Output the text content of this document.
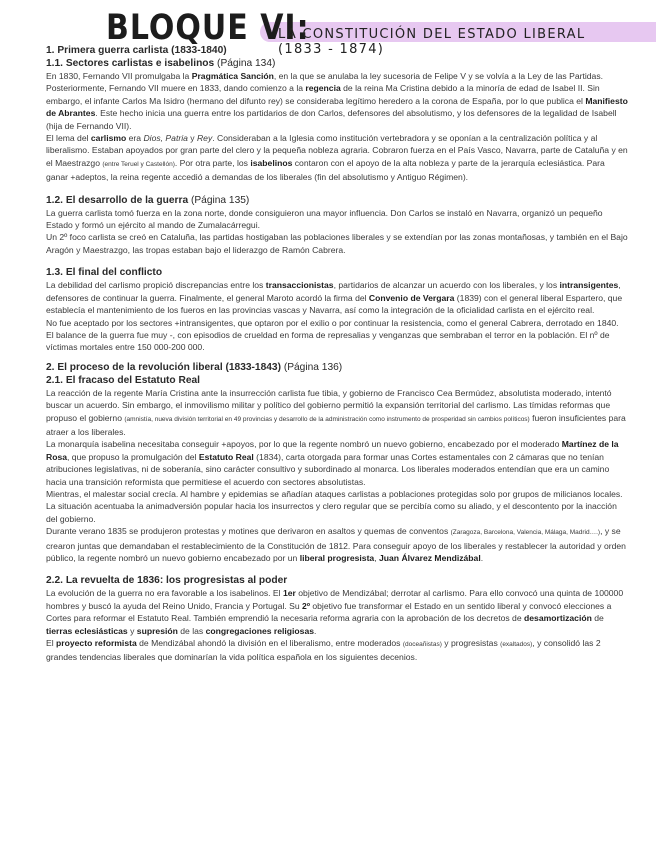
BLOQUE VI:
LA CONSTITUCIÓN DEL ESTADO LIBERAL (1833 - 1874)
1. Primera guerra carlista (1833-1840)
1.1. Sectores carlistas e isabelinos (Página 134)

En 1830, Fernando VII promulgaba la Pragmática Sanción, en la que se anulaba la ley sucesoria de Felipe V y se volvía a la Ley de las Partidas. Posteriormente, Fernando VII muere en 1833, dando comienzo a la regencia de la reina Ma Cristina debido a la minoría de edad de Isabel II. Sin embargo, el infante Carlos Ma Isidro (hermano del difunto rey) se consideraba legítimo heredero a la corona de España, por lo que publica el Manifiesto de Abrantes. Este hecho inicia una guerra entre los partidarios de don Carlos, defensores del absolutismo, y los defensores de la legalidad de Isabell (hija de Fernando VII).

El lema del carlismo era Dios, Patria y Rey. Consideraban a la Iglesia como institución vertebradora y se oponían a la centralización política y al liberalismo. Estaban apoyados por gran parte del clero y la pequeña nobleza agraria. Cobraron fuerza en el País Vasco, Navarra, parte de Cataluña y en el Maestrazgo (entre Teruel y Castellón). Por otra parte, los isabelinos contaron con el apoyo de la alta nobleza y parte de la jerarquía eclesiástica. Para ganar +adeptos, la reina regente accedió a demandas de los liberales (fin del absolutismo y Antiguo Régimen).

1.2. El desarrollo de la guerra (Página 135)

La guerra carlista tomó fuerza en la zona norte, donde consiguieron una mayor influencia. Don Carlos se instaló en Navarra, organizó un pequeño Estado y formó un ejército al mando de Zumalacárregui.

Un 2º foco carlista se creó en Cataluña, las partidas hostigaban las poblaciones liberales y se extendían por las zonas montañosas, y también en el Bajo Aragón y Maestrazgo, las tropas estaban bajo el liderazgo de Ramón Cabrera.

1.3. El final del conflicto

La debilidad del carlismo propició discrepancias entre los transaccionistas, partidarios de alcanzar un acuerdo con los liberales, y los intransigentes, defensores de continuar la guerra. Finalmente, el general Maroto acordó la firma del Convenio de Vergara (1839) con el general liberal Espartero, que establecía el mantenimiento de los fueros en las provincias vascas y Navarra, así como la integración de la oficialidad carlista en el ejército real.

No fue aceptado por los sectores +intransigentes, que optaron por el exilio o por continuar la resistencia, como el general Cabrera, derrotado en 1840. El balance de la guerra fue muy -, con episodios de crueldad en forma de represalias y venganzas que sembraban el terror en la población. El nº de víctimas mortales entre 150 000-200 000.

2. El proceso de la revolución liberal (1833-1843) (Página 136)
2.1. El fracaso del Estatuto Real

La reacción de la regente María Cristina ante la insurrección carlista fue tibia, y gobierno de Francisco Cea Bermúdez, absolutista moderado, intentó buscar un acuerdo. Sin embargo, el inmovilismo militar y político del gobierno permitió la expansión territorial del carlismo. Las tímidas reformas que propuso el gobierno (amnistía, nueva división territorial en 49 provincias y desarrollo de la administración como instrumento de prosperidad sin cambios políticos) fueron insuficientes para atraer a los liberales.

La monarquía isabelina necesitaba conseguir +apoyos, por lo que la regente nombró un nuevo gobierno, encabezado por el moderado Martínez de la Rosa, que propuso la promulgación del Estatuto Real (1834), carta otorgada para formar unas Cortes estamentales con 2 cámaras que no tenían atribuciones legislativas, ni de soberanía, sino carácter consultivo y subordinado al monarca. Los liberales moderados entendían que era un camino hacia una transición reformista que permitiese el acuerdo con sectores absolutistas.

Mientras, el malestar social crecía. Al hambre y epidemias se añadían ataques carlistas a poblaciones protegidas solo por grupos de milicianos locales. La situación acentuaba la animadversión popular hacia los insurrectos y clero regular que se percibía como su aliado, y el descontento por la inacción del gobierno.

Durante verano 1835 se produjeron protestas y motines que derivaron en asaltos y quemas de conventos (Zaragoza, Barcelona, Valencia, Málaga, Madrid….), y se crearon juntas que demandaban el restablecimiento de la Constitución de 1812. Para conseguir apoyo de los liberales y restablecer la autoridad y orden público, la regente nombró un nuevo gobierno encabezado por un liberal progresista, Juan Álvarez Mendizábal.

2.2. La revuelta de 1836: los progresistas al poder

La evolución de la guerra no era favorable a los isabelinos. El 1er objetivo de Mendizábal; derrotar al carlismo. Para ello convocó una quinta de 100000 hombres y buscó la ayuda del Reino Unido, Francia y Portugal. Su 2º objetivo fue transformar el Estado en un sentido liberal y convocó elecciones a Cortes para reformar el Estatuto Real. También emprendió la necesaria reforma agraria con la aprobación de los decretos de desamortización de tierras eclesiásticas y supresión de las congregaciones religiosas.

El proyecto reformista de Mendizábal ahondó la división en el liberalismo, entre moderados (doceañistas) y progresistas (exaltados), y consolidó las 2 grandes tendencias liberales que dominarían la vida política española en los siguientes decenios.
